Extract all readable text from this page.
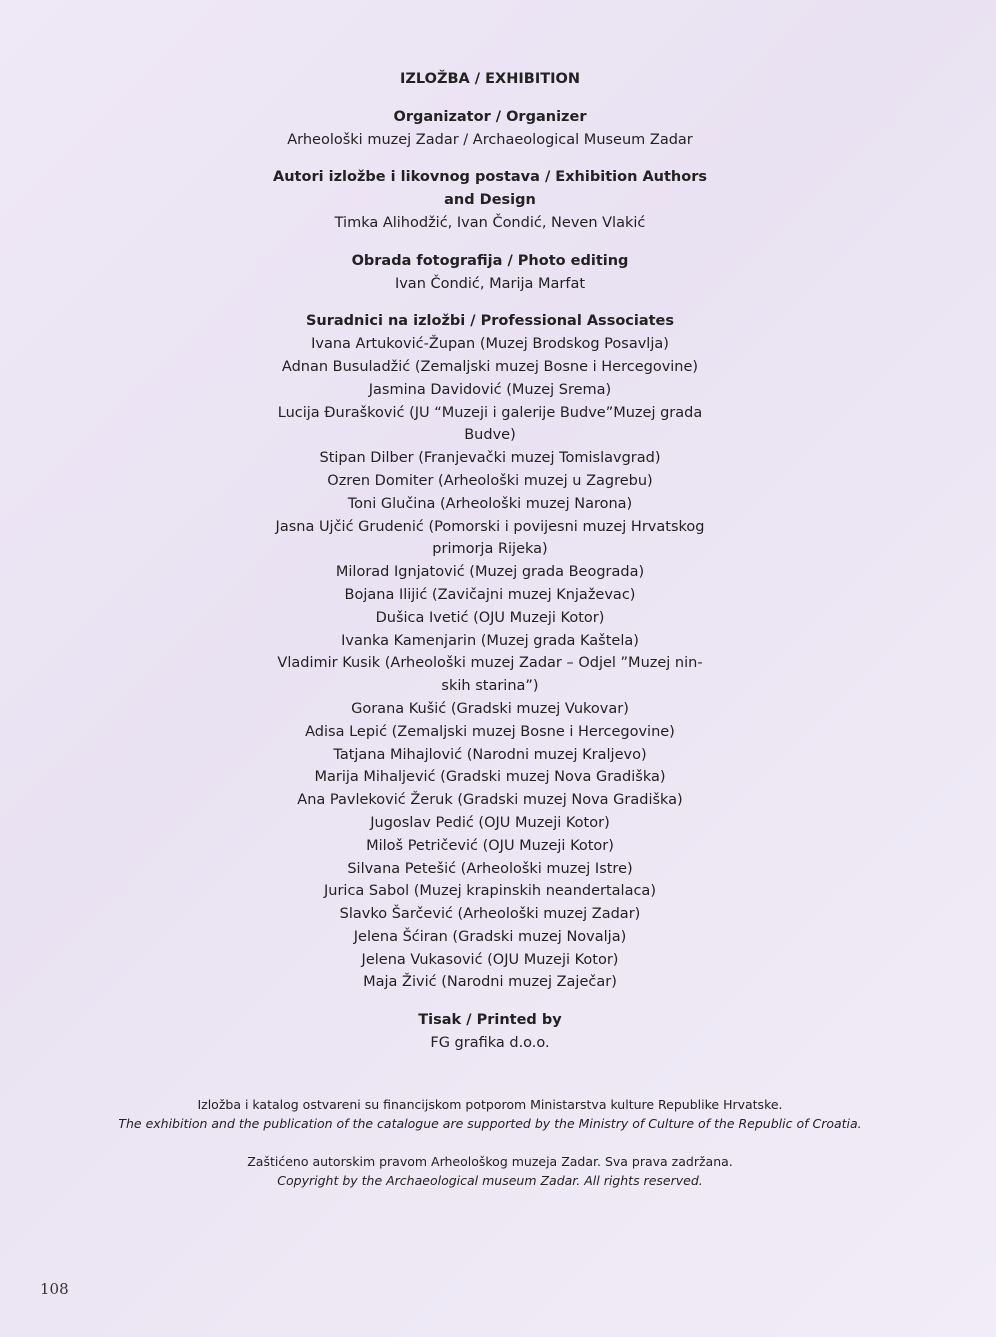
IZLOŽBA / EXHIBITION
Organizator / Organizer
Arheološki muzej Zadar / Archaeological Museum Zadar
Autori izložbe i likovnog postava / Exhibition Authors and Design
Timka Alihodžić, Ivan Čondić, Neven Vlakić
Obrada fotografija / Photo editing
Ivan Čondić, Marija Marfat
Suradnici na izložbi / Professional Associates
Ivana Artuković-Župan (Muzej Brodskog Posavlja)
Adnan Busuladžić (Zemaljski muzej Bosne i Hercegovine)
Jasmina Davidović (Muzej Srema)
Lucija Đurašković (JU “Muzeji i galerije Budve”Muzej grada Budve)
Stipan Dilber (Franjevački muzej Tomislavgrad)
Ozren Domiter (Arheološki muzej u Zagrebu)
Toni Glučina (Arheološki muzej Narona)
Jasna Ujčić Grudenić (Pomorski i povijesni muzej Hrvatskog primorja Rijeka)
Milorad Ignjatović (Muzej grada Beograda)
Bojana Ilijić (Zavičajni muzej Knjaževac)
Dušica Ivetić (OJU Muzeji Kotor)
Ivanka Kamenjarin (Muzej grada Kaštela)
Vladimir Kusik (Arheološki muzej Zadar – Odjel ”Muzej nin-skih starina”)
Gorana Kušić (Gradski muzej Vukovar)
Adisa Lepić (Zemaljski muzej Bosne i Hercegovine)
Tatjana Mihajlović (Narodni muzej Kraljevo)
Marija Mihaljević (Gradski muzej Nova Gradiška)
Ana Pavleković Žeruk (Gradski muzej Nova Gradiška)
Jugoslav Pedić (OJU Muzeji Kotor)
Miloš Petričević (OJU Muzeji Kotor)
Silvana Petešić (Arheološki muzej Istre)
Jurica Sabol (Muzej krapinskih neandertalaca)
Slavko Šarčević (Arheološki muzej Zadar)
Jelena Šćiran (Gradski muzej Novalja)
Jelena Vukasović (OJU Muzeji Kotor)
Maja Živić (Narodni muzej Zaječar)
Tisak / Printed by
FG grafika d.o.o.
Izložba i katalog ostvareni su financijskom potporom Ministarstva kulture Republike Hrvatske.
The exhibition and the publication of the catalogue are supported by the Ministry of Culture of the Republic of Croatia.
Zaštićeno autorskim pravom Arheološkog muzeja Zadar. Sva prava zadržana.
Copyright by the Archaeological museum Zadar. All rights reserved.
108
